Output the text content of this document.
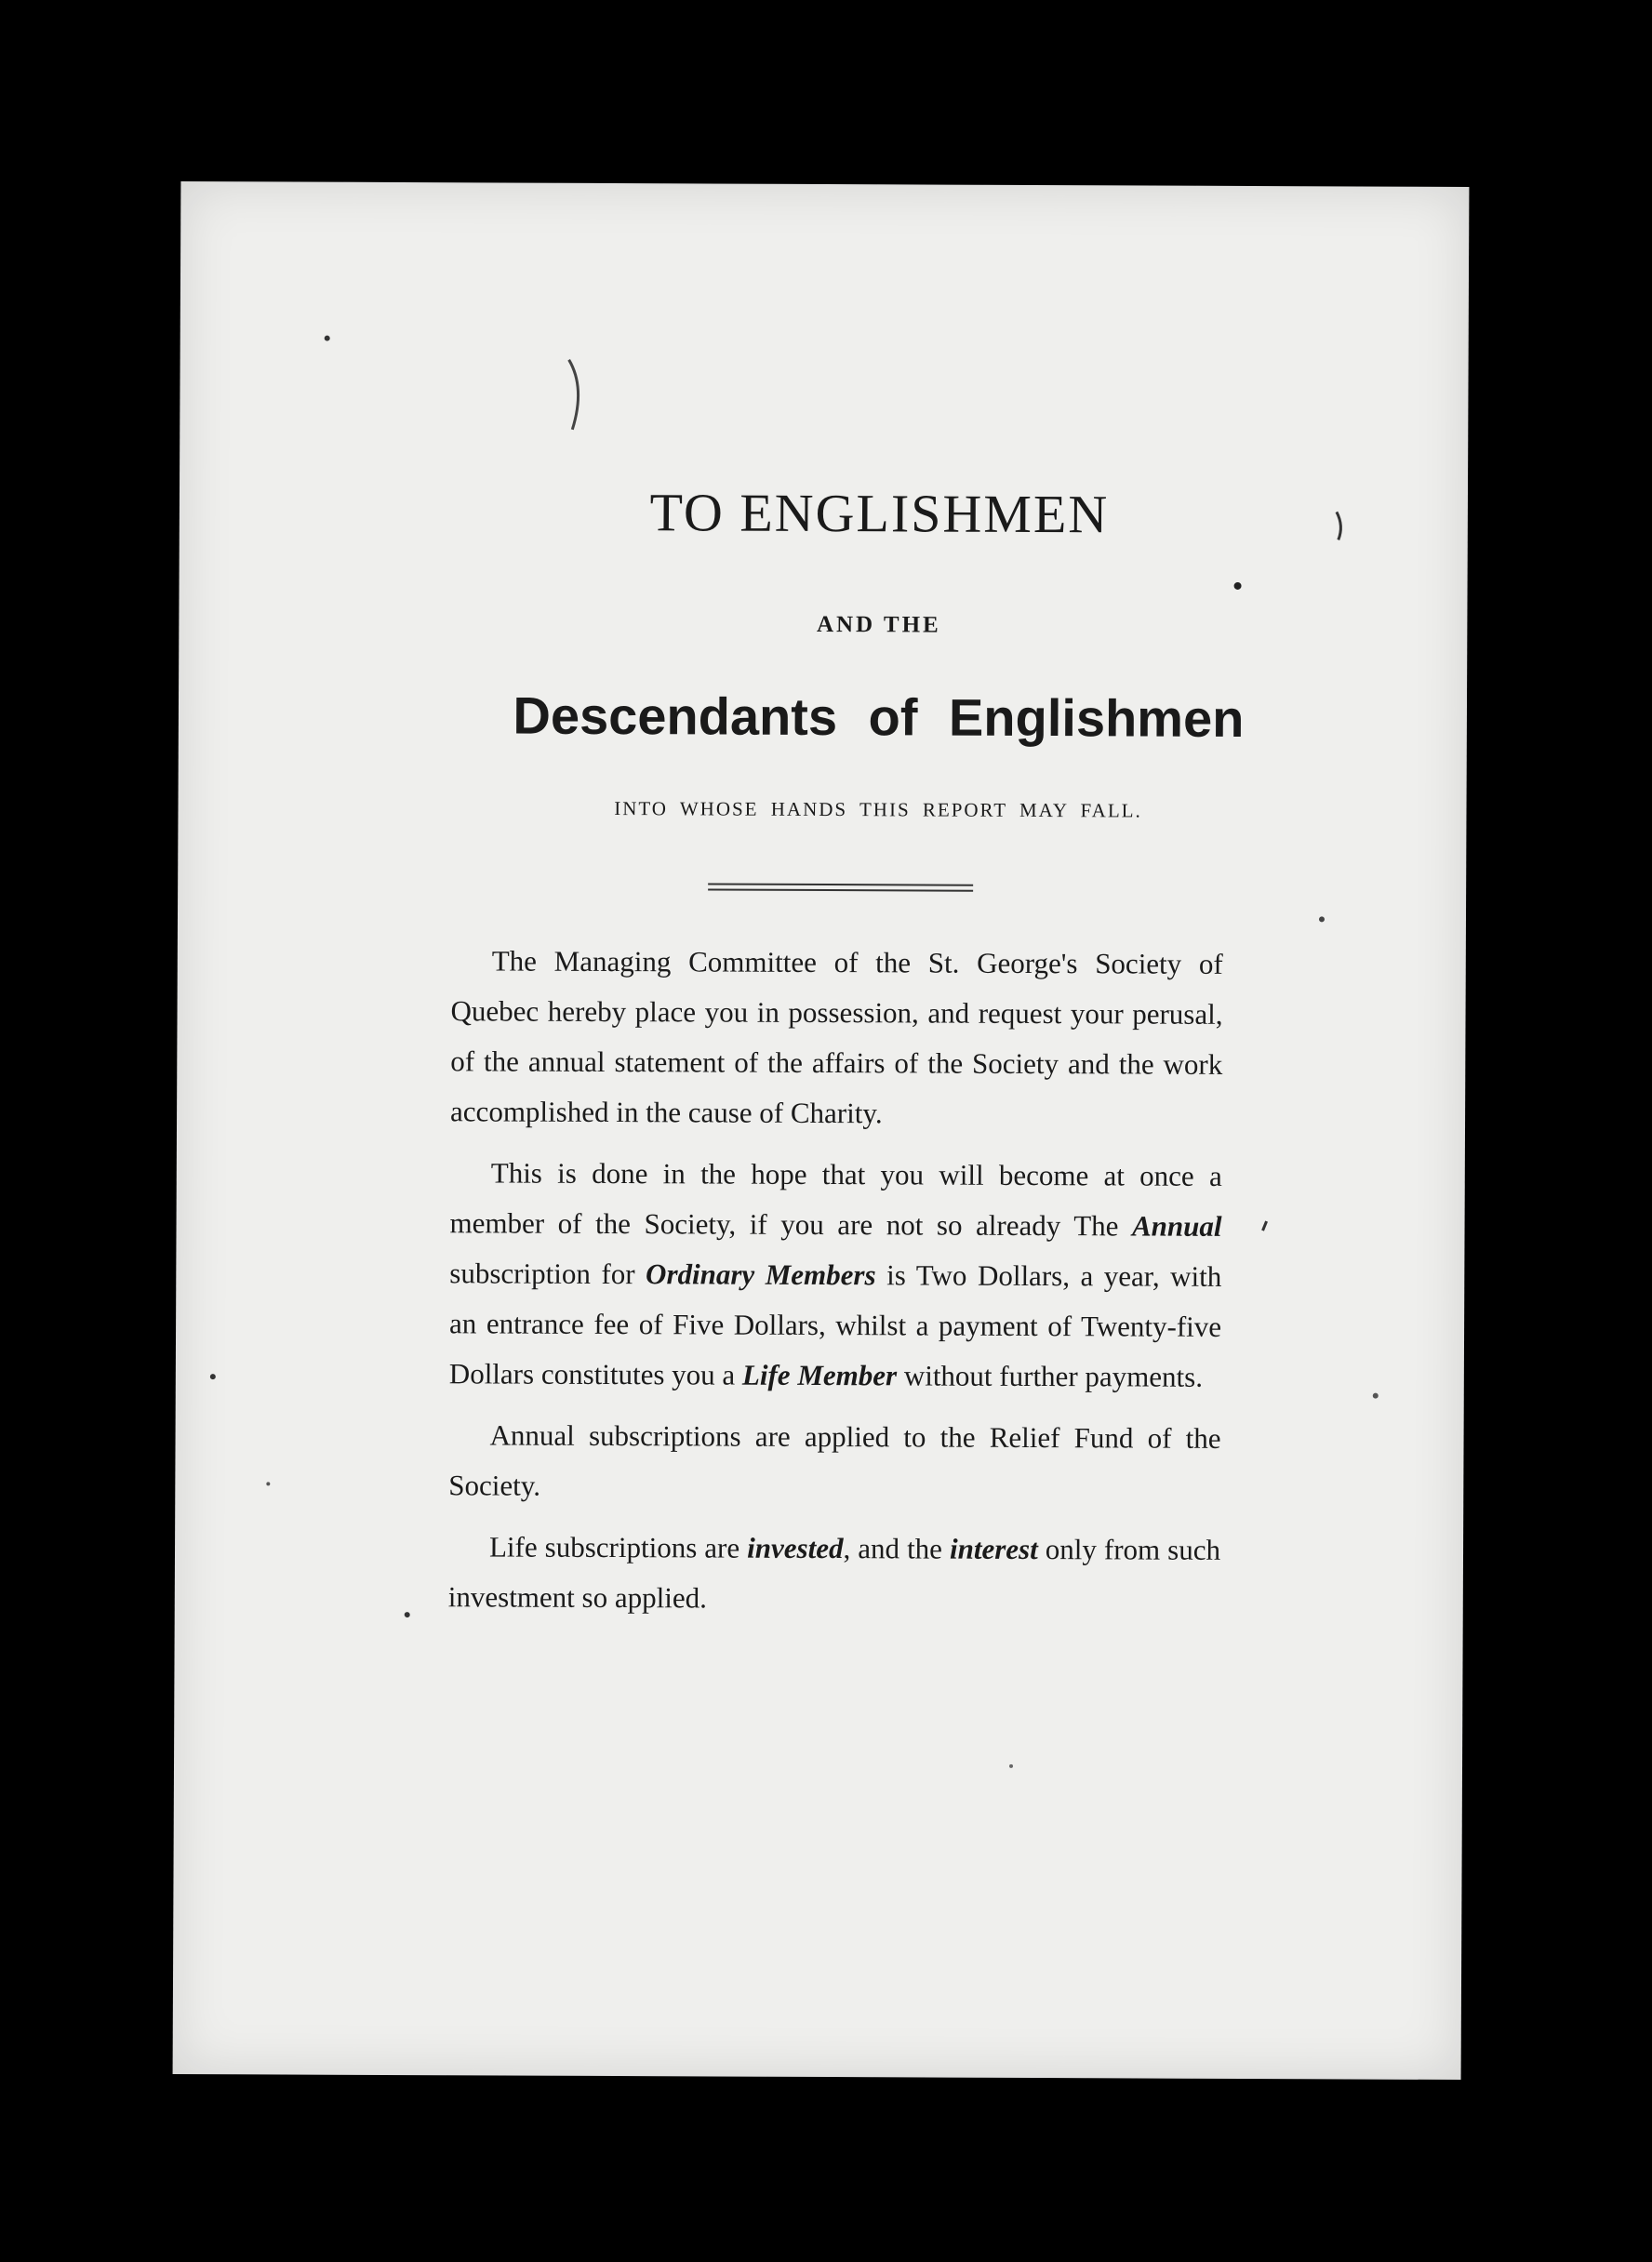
TO ENGLISHMEN
AND THE
Descendants of Englishmen
INTO WHOSE HANDS THIS REPORT MAY FALL.

The Managing Committee of the St. George's Society of Quebec hereby place you in possession, and request your perusal, of the annual statement of the affairs of the Society and the work accomplished in the cause of Charity.

This is done in the hope that you will become at once a member of the Society, if you are not so already The Annual subscription for Ordinary Members is Two Dollars, a year, with an entrance fee of Five Dollars, whilst a payment of Twenty-five Dollars constitutes you a Life Member without further payments.

Annual subscriptions are applied to the Relief Fund of the Society.

Life subscriptions are invested, and the interest only from such investment so applied.
